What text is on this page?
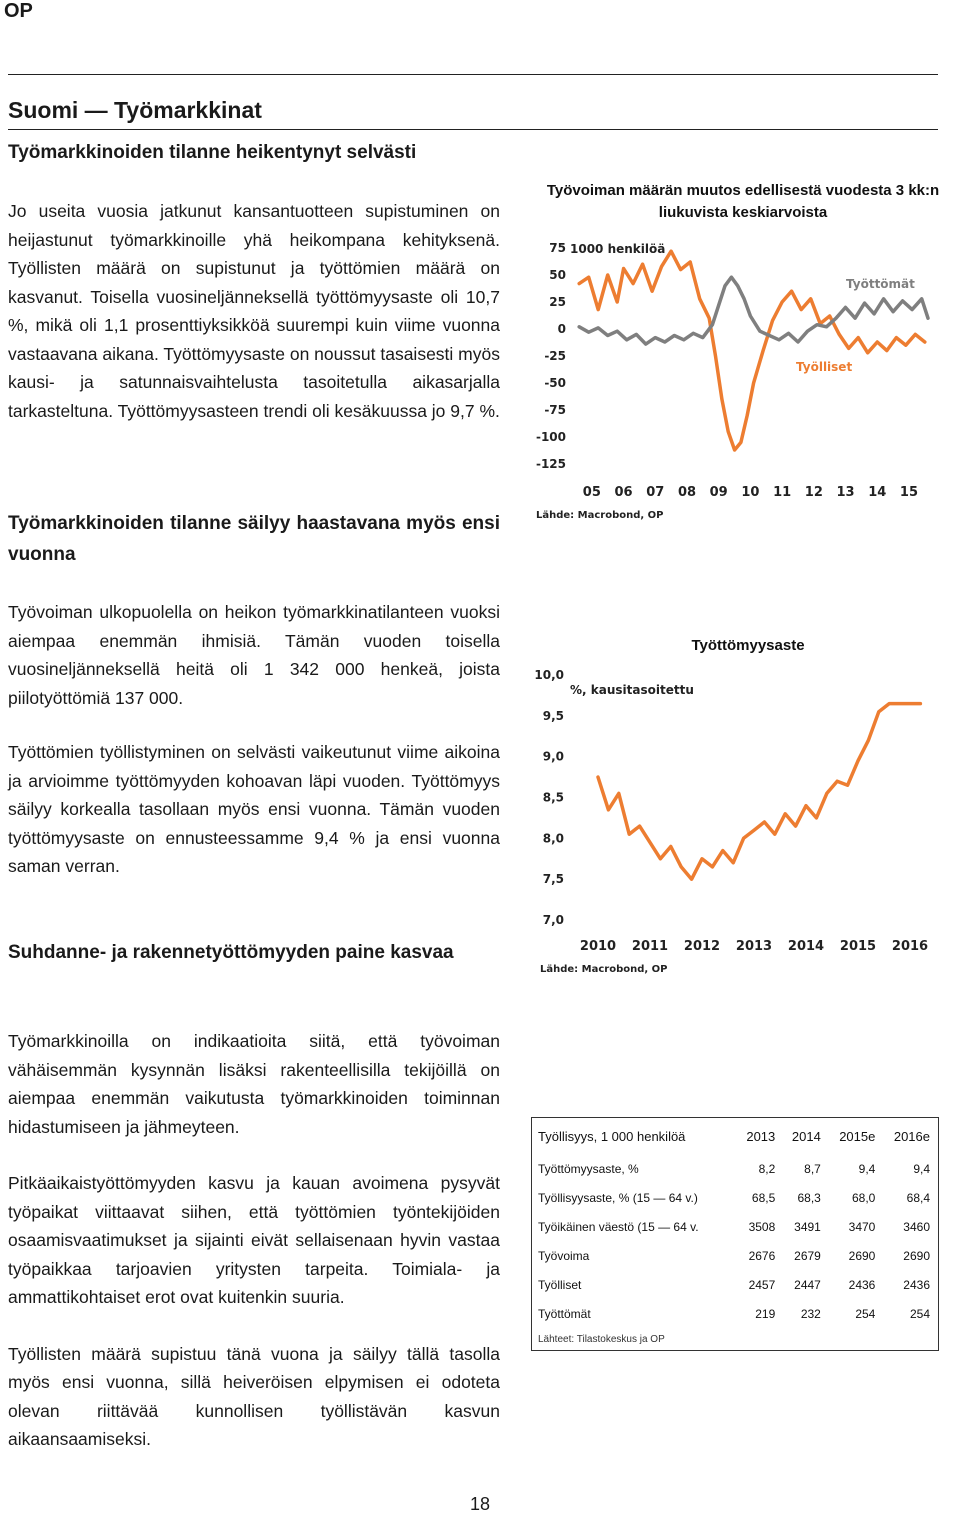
OP
Suomi — Työmarkkinat
Työmarkkinoiden tilanne heikentynyt selvästi

Jo useita vuosia jatkunut kansantuotteen supistuminen on heijastunut työmarkkinoille yhä heikompana kehityksenä. Työllisten määrä on supistunut ja työttömien määrä on kasvanut. Toisella vuosineljänneksellä työttömyysaste oli 10,7 %, mikä oli 1,1 prosenttiyksikköä suurempi kuin viime vuonna vastaavana aikana. Työttömyysaste on noussut tasaisesti myös kausi- ja satunnaisvaihtelusta tasoitetulla aikasarjalla tarkasteltuna. Työttömyysasteen trendi oli kesäkuussa jo 9,7 %.

Työmarkkinoiden tilanne säilyy haastavana myös ensi vuonna

Työvoiman ulkopuolella on heikon työmarkkinatilanteen vuoksi aiempaa enemmän ihmisiä. Tämän vuoden toisella vuosineljänneksellä heitä oli 1 342 000 henkeä, joista piilotyöttömiä 137 000.

Työttömien työllistyminen on selvästi vaikeutunut viime aikoina ja arvioimme työttömyyden kohoavan läpi vuoden. Työttömyys säilyy korkealla tasollaan myös ensi vuonna. Tämän vuoden työttömyysaste on ennusteessamme 9,4 % ja ensi vuonna saman verran.

Suhdanne- ja rakennetyöttömyyden paine kasvaa

Työmarkkinoilla on indikaatioita siitä, että työvoiman vähäisemmän kysynnän lisäksi rakenteellisilla tekijöillä on aiempaa enemmän vaikutusta työmarkkinoiden toiminnan hidastumiseen ja jähmeyteen.

Pitkäaikaistyöttömyyden kasvu ja kauan avoimena pysyvät työpaikat viittaavat siihen, että työttömien työntekijöiden osaamisvaatimukset ja sijainti eivät sellaisenaan hyvin vastaa työpaikkaa tarjoavien yritysten tarpeita. Toimiala- ja ammattikohtaiset erot ovat kuitenkin suuria.

Työllisten määrä supistuu tänä vuona ja säilyy tällä tasolla myös ensi vuonna, sillä heiveröisen elpymisen ei odoteta olevan riittävää kunnollisen työllistävän kasvun aikaansaamiseksi.

Työvoiman määrän muutos edellisestä vuodesta 3 kk:n liukuvista keskiarvoista
75
50
25
0
-25
-50
-75
-100
-125
05 06 07 08 09 10 11 12 13 14 15
1000 henkilöä
Lähde: Macrobond, OP
Työlliset
Työttömät
Työttömyysaste
10,0
9,5
9,0
8,5
8,0
7,5
7,0
2010 2011 2012 2013 2014 2015 2016
%, kausitasoitettu
Lähde: Macrobond, OP
Työllisyys, 1 000 henkilöä	2013	2014	2015e	2016e
Työttömyysaste, %	8,2	8,7	9,4	9,4
Työllisyysaste, % (15 — 64 v.)	68,5	68,3	68,0	68,4
Työikäinen väestö (15 — 64 v.	3508	3491	3470	3460
Työvoima	2676	2679	2690	2690
Työlliset	2457	2447	2436	2436
Työttömät	219	232	254	254
Lähteet: Tilastokeskus ja OP				
18
